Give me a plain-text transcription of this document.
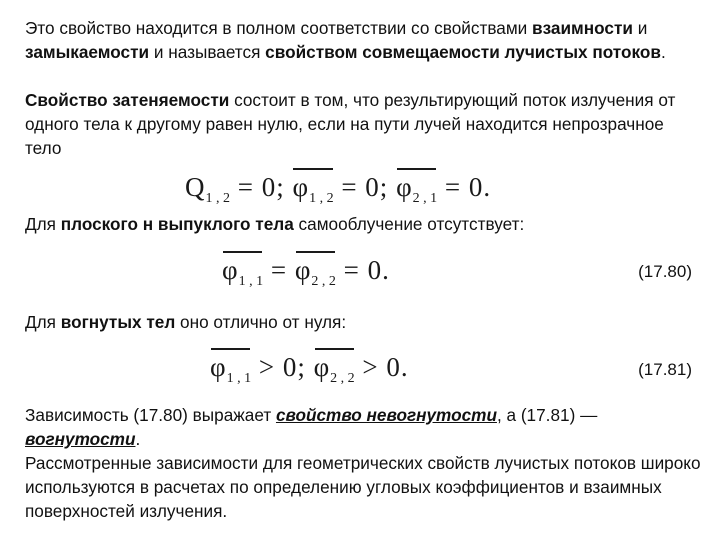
Это свойство находится в полном соответствии со свойствами взаимности и замыкаемости и называется свойством совмещаемости лучистых потоков.

Свойство затеняемости состоит в том, что результирующий поток излучения от одного тела к другому равен нулю, если на пути лучей находится непрозрачное тело

$Q_{1 , 2} = 0$;
$\varphi_{1 , 2} = 0$;
$\varphi_{2 , 1} = 0$.

Для плоского н выпуклого тела самооблучение отсутствует:

$\varphi_{1 , 1}$ =
$\varphi_{2 , 2} = 0$.	(17.80)

Для вогнутых тел оно отлично от нуля:

$\varphi_{1 , 1} > 0$;
$\varphi_{2 , 2} > 0$.	(17.81)

Зависимость (17.80) выражает свойство невогнутости, а (17.81) — вогнутости.
Рассмотренные зависимости для геометрических свойств лучистых потоков широко используются в расчетах по определению угловых коэффициентов и взаимных поверхностей излучения.
